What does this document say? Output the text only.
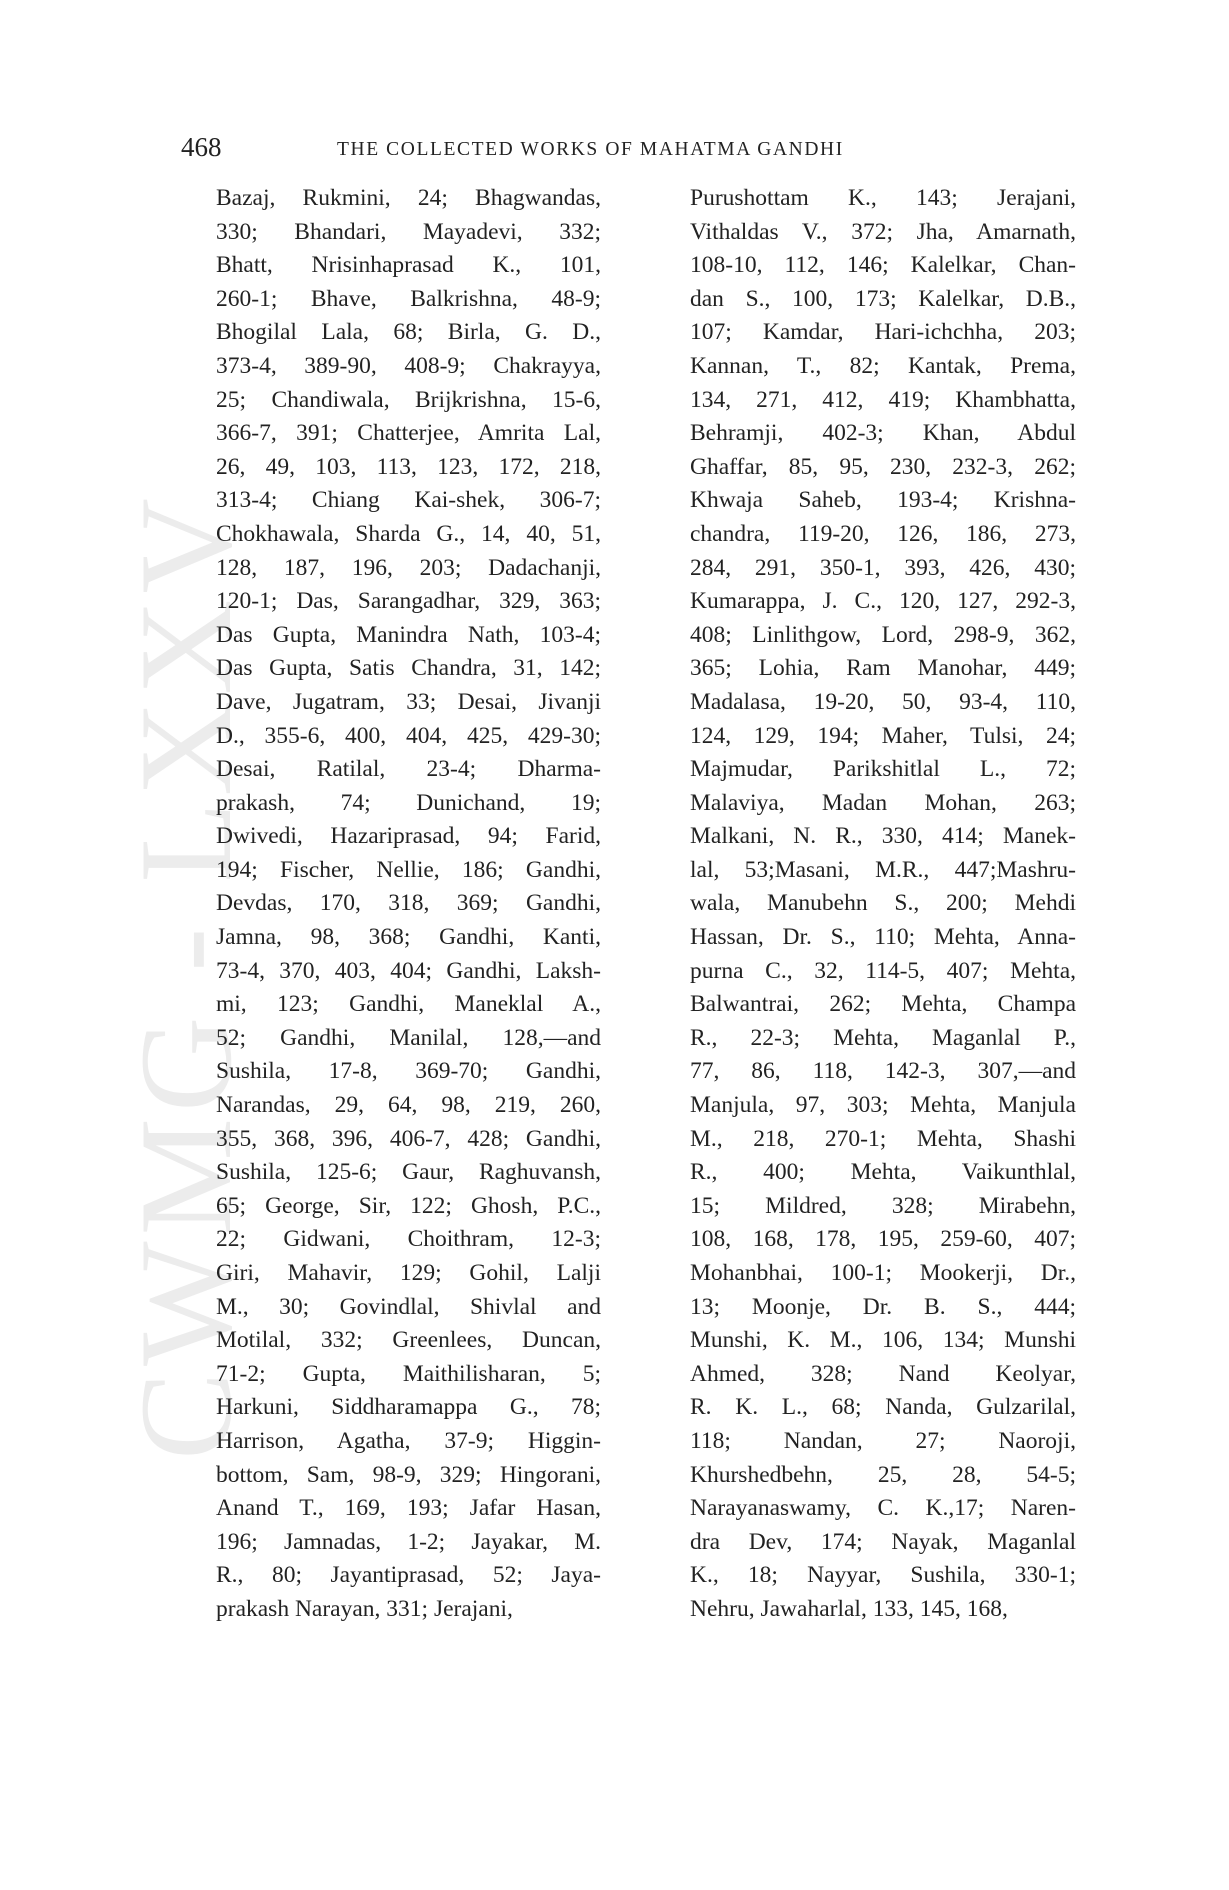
CWMG - LXXV
468	THE COLLECTED WORKS OF MAHATMA GANDHI
Bazaj, Rukmini, 24; Bhagwandas,
330; Bhandari, Mayadevi, 332;
Bhatt, Nrisinhaprasad K., 101,
260-1; Bhave, Balkrishna, 48-9;
Bhogilal Lala, 68; Birla, G. D.,
373-4, 389-90, 408-9; Chakrayya,
25; Chandiwala, Brijkrishna, 15-6,
366-7, 391; Chatterjee, Amrita Lal,
26, 49, 103, 113, 123, 172, 218,
313-4; Chiang Kai-shek, 306-7;
Chokhawala, Sharda G., 14, 40, 51,
128, 187, 196, 203; Dadachanji,
120-1; Das, Sarangadhar, 329, 363;
Das Gupta, Manindra Nath, 103-4;
Das Gupta, Satis Chandra, 31, 142;
Dave, Jugatram, 33; Desai, Jivanji
D., 355-6, 400, 404, 425, 429-30;
Desai, Ratilal, 23-4; Dharma-
prakash, 74; Dunichand, 19;
Dwivedi, Hazariprasad, 94; Farid,
194; Fischer, Nellie, 186; Gandhi,
Devdas, 170, 318, 369; Gandhi,
Jamna, 98, 368; Gandhi, Kanti,
73-4, 370, 403, 404; Gandhi, Laksh-
mi, 123; Gandhi, Maneklal A.,
52; Gandhi, Manilal, 128,—and
Sushila, 17-8, 369-70; Gandhi,
Narandas, 29, 64, 98, 219, 260,
355, 368, 396, 406-7, 428; Gandhi,
Sushila, 125-6; Gaur, Raghuvansh,
65; George, Sir, 122; Ghosh, P.C.,
22; Gidwani, Choithram, 12-3;
Giri, Mahavir, 129; Gohil, Lalji
M., 30; Govindlal, Shivlal and
Motilal, 332; Greenlees, Duncan,
71-2; Gupta, Maithilisharan, 5;
Harkuni, Siddharamappa G., 78;
Harrison, Agatha, 37-9; Higgin-
bottom, Sam, 98-9, 329; Hingorani,
Anand T., 169, 193; Jafar Hasan,
196; Jamnadas, 1-2; Jayakar, M.
R., 80; Jayantiprasad, 52; Jaya-
prakash Narayan, 331; Jerajani,
Purushottam K., 143; Jerajani,
Vithaldas V., 372; Jha, Amarnath,
108-10, 112, 146; Kalelkar, Chan-
dan S., 100, 173; Kalelkar, D.B.,
107; Kamdar, Hari-ichchha, 203;
Kannan, T., 82; Kantak, Prema,
134, 271, 412, 419; Khambhatta,
Behramji, 402-3; Khan, Abdul
Ghaffar, 85, 95, 230, 232-3, 262;
Khwaja Saheb, 193-4; Krishna-
chandra, 119-20, 126, 186, 273,
284, 291, 350-1, 393, 426, 430;
Kumarappa, J. C., 120, 127, 292-3,
408; Linlithgow, Lord, 298-9, 362,
365; Lohia, Ram Manohar, 449;
Madalasa, 19-20, 50, 93-4, 110,
124, 129, 194; Maher, Tulsi, 24;
Majmudar, Parikshitlal L., 72;
Malaviya, Madan Mohan, 263;
Malkani, N. R., 330, 414; Manek-
lal, 53;Masani, M.R., 447;Mashru-
wala, Manubehn S., 200; Mehdi
Hassan, Dr. S., 110; Mehta, Anna-
purna C., 32, 114-5, 407; Mehta,
Balwantrai, 262; Mehta, Champa
R., 22-3; Mehta, Maganlal P.,
77, 86, 118, 142-3, 307,—and
Manjula, 97, 303; Mehta, Manjula
M., 218, 270-1; Mehta, Shashi
R., 400; Mehta, Vaikunthlal,
15; Mildred, 328; Mirabehn,
108, 168, 178, 195, 259-60, 407;
Mohanbhai, 100-1; Mookerji, Dr.,
13; Moonje, Dr. B. S., 444;
Munshi, K. M., 106, 134; Munshi
Ahmed, 328; Nand Keolyar,
R. K. L., 68; Nanda, Gulzarilal,
118; Nandan, 27; Naoroji,
Khurshedbehn, 25, 28, 54-5;
Narayanaswamy, C. K.,17; Naren-
dra Dev, 174; Nayak, Maganlal
K., 18; Nayyar, Sushila, 330-1;
Nehru, Jawaharlal, 133, 145, 168,
